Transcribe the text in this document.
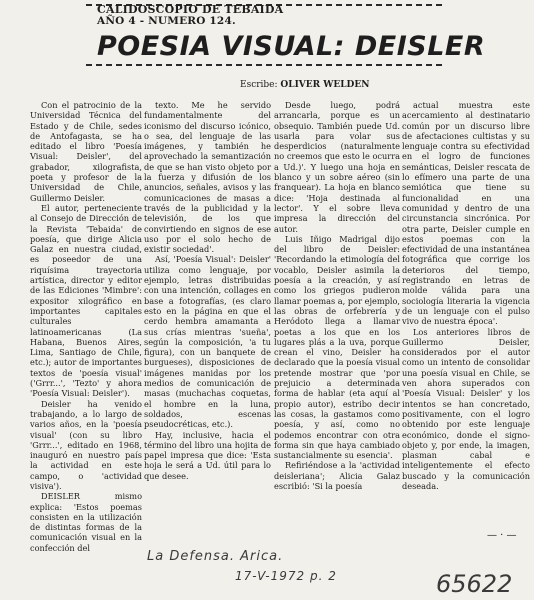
CALIDOSCOPIO DE TEBAIDA
AÑO 4 - NUMERO 124.
POESIA VISUAL: DEISLER
Escribe: OLIVER WELDEN

Con el patrocinio de la Universidad Técnica del Estado y de Chile, sedes de Antofagasta, se ha editado el libro 'Poesía Visual: Deisler', del grabador, xilografista, poeta y profesor de la Universidad de Chile, Guillermo Deisler.

El autor, perteneciente al Consejo de Dirección de la Revista 'Tebaida' de poesía, que dirige Alicia Galaz en nuestra ciudad, es poseedor de una riquísima trayectoria artística, director y editor de las Ediciones 'Mimbre': expositor xilográfico en importantes capitales culturales latinoamericanas (La Habana, Buenos Aires, Lima, Santiago de Chile, etc.); autor de importantes textos de 'poesía visual' ('Grrr...', 'Tezto' y ahora 'Poesía Visual: Deisler').

Deisler ha venido trabajando, a lo largo de varios años, en la 'poesía visual' (con su libro 'Grrr...', editado en 1968, inauguró en nuestro país la actividad en este campo, o 'actividad visiva').

DEISLER mismo explica: 'Estos poemas consisten en la utilización de distintas formas de la comunicación visual en la confección del

texto. Me he servido fundamentalmente del iconismo del discurso icónico, o sea, del lenguaje de las imágenes, y también he aprovechado la semantización de que se han visto objeto por la fuerza y difusión de los anuncios, señales, avisos y las comunicaciones de masas a través de la publicidad y la televisión, de los que convirtiendo en signos de ese uso por el solo hecho de existir sociedad'.

Así, 'Poesía Visual': Deisler' utiliza como lenguaje, por ejemplo, letras distribuidas con una intención, collages en base a fotografías, (es claro esto en la página en que el cerdo hembra amamanta a sus crías mientras 'sueña', según la composición, 'a tu figura), con un banquete de burgueses), disposiciones de imágenes manidas por los medios de comunicación de masas (muchachas coquetas, el hombre en la luna, soldados, escenas pseudocréticas, etc.).

Hay, inclusive, hacia el término del libro una hojita de papel impresa que dice: 'Esta hoja le será a Ud. útil para lo que desee.

Desde luego, podrá arrancarla, porque es un obsequio. También puede Ud. usarla para volar sus desperdicios (naturalmente no creemos que esto le ocurra a Ud.)'. Y luego una hoja en blanco y un sobre aéreo (sin franquear). La hoja en blanco dice: 'Hoja destinada al lector'. Y el sobre lleva impresa la dirección del autor.

Luis Iñigo Madrigal dijo del libro de Deisler: 'Recordando la etimología del vocablo, Deisler asimila la poesía a la creación, y así como los griegos pudieron llamar poemas a, por ejemplo, las obras de orfebrería y Heródoto llega a llamar poetas a los que en los lugares plás a la uva, porque crean el vino, Deisler ha declarado que la poesía visual pretende mostrar que 'por prejuicio a determinada forma de hablar (eta aquí al propio autor), estribo decir las cosas, la gastamos como poesía, y así, como no podemos encontrar con otra forma sin que haya cambiado sustancialmente su esencia'.

Refiriéndose a la 'actividad deisleriana'; Alicia Galaz escribió: 'Si la poesía

actual muestra este acercamiento al destinatario común por un discurso libre de afectaciones cultistas y su lenguaje contra su efectividad en el logro de funciones semánticas, Deisler rescata de lo efímero una parte de una semiótica que tiene su funcionalidad en una comunidad y dentro de una circunstancia sincrónica. Por otra parte, Deisler cumple en estos poemas con la efectividad de una instantánea fotográfica que corrige los deterioros del tiempo, registrando en letras de molde válida para una sociología literaria la vigencia de un lenguaje con el pulso vivo de nuestra época'.

Los anteriores libros de Guillermo Deisler, considerados por el autor como un intento de consolidar una poesía visual en Chile, se ven ahora superados con 'Poesía Visual: Deisler' y los intentos se han concretado, positivamente, con el logro obtenido por este lenguaje económico, donde el signo-objeto y, por ende, la imagen, plasman cabal e inteligentemente el efecto buscado y la comunicación deseada.

— · —
La Defensa. Arica.
17-V-1972 p. 2	65622
